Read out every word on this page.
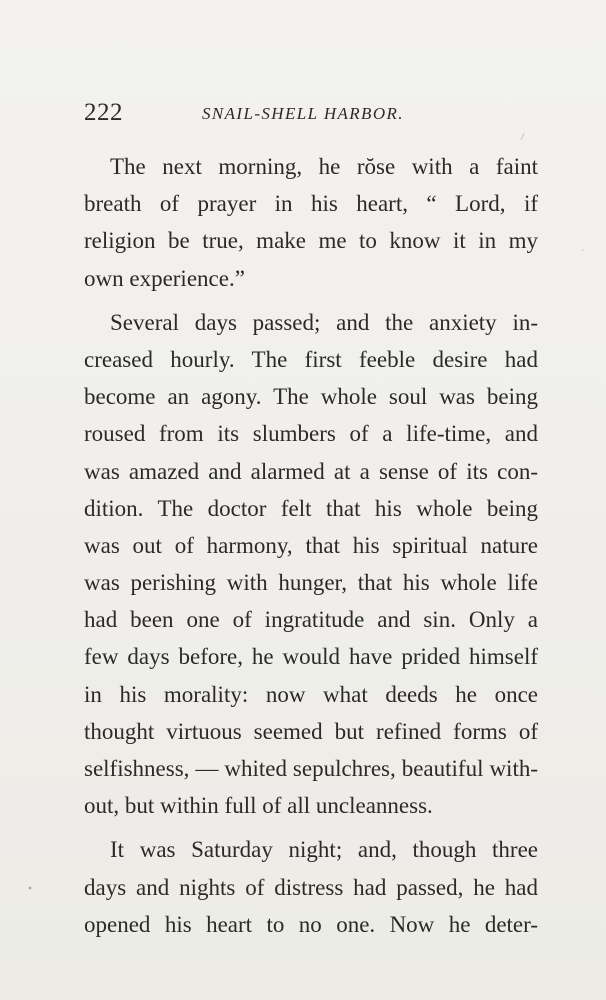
222	SNAIL-SHELL HARBOR.
The next morning, he rŏse with a faint
breath of prayer in his heart, “ Lord, if
religion be true, make me to know it in my
own experience.”
Several days passed; and the anxiety in-
creased hourly. The first feeble desire had
become an agony. The whole soul was being
roused from its slumbers of a life-time, and
was amazed and alarmed at a sense of its con-
dition. The doctor felt that his whole being
was out of harmony, that his spiritual nature
was perishing with hunger, that his whole life
had been one of ingratitude and sin. Only a
few days before, he would have prided himself
in his morality: now what deeds he once
thought virtuous seemed but refined forms of
selfishness, — whited sepulchres, beautiful with-
out, but within full of all uncleanness.
It was Saturday night; and, though three
days and nights of distress had passed, he had
opened his heart to no one. Now he deter-
